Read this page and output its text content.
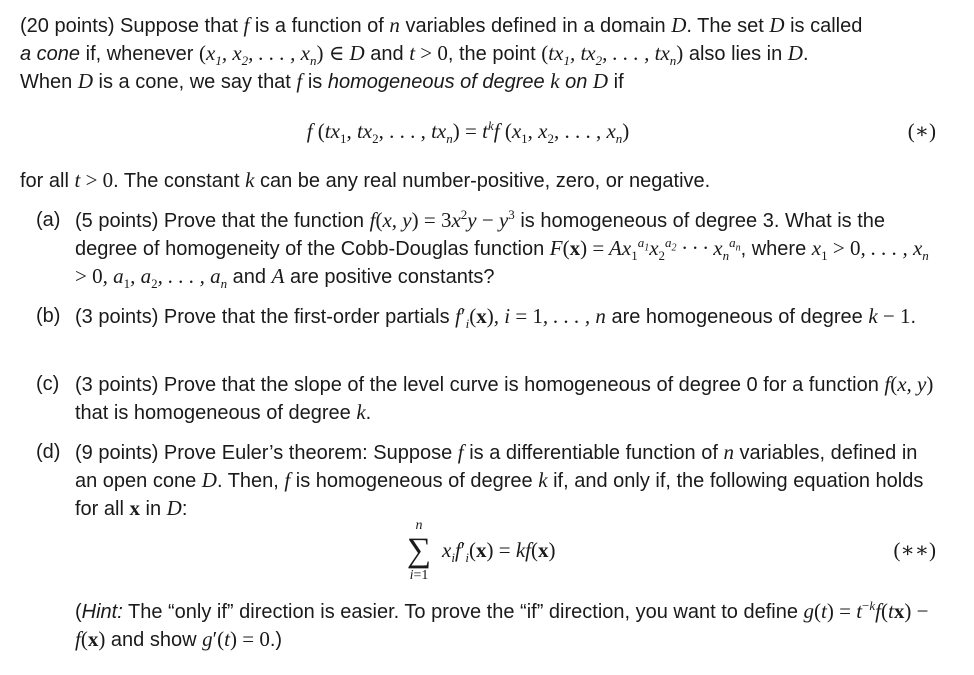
(20 points) Suppose that f is a function of n variables defined in a domain D. The set D is called
a cone if, whenever ($x_1$, $x_2$, . . . , $x_n$) ∈ D and t > 0, the point ($tx_1$, $tx_2$, . . . , $tx_n$) also lies in D.
When D is a cone, we say that f is homogeneous of degree k on D if
f ($tx_1$, $tx_2$, . . . , $tx_n) = t^kf$ ($x_1$, $x_2$, . . . , $x_n$)	(∗)
for all t > 0. The constant k can be any real number-positive, zero, or negative.
(a) (5 points) Prove that the function f(x, $y) = 3x^2y - y^3$ is homogeneous of degree 3. What is the degree of homogeneity of the Cobb-Douglas function $F(x) = Ax_1^{a_1}x_2^{a_2}$ · · · $x_n^{a_n}$, where $x_1 > 0$, . . . , $x_n > 0$, $a_1$, $a_2$, . . . , $a_n$ and A are positive constants?
(b) (3 points) Prove that the first-order partials $f'_i(x)$, i = 1, . . . , n are homogeneous of degree k − 1.
(c) (3 points) Prove that the slope of the level curve is homogeneous of degree 0 for a function f(x, y) that is homogeneous of degree k.
(d) (9 points) Prove Euler’s theorem: Suppose f is a differentiable function of n variables, defined in an open cone D. Then, f is homogeneous of degree k if, and only if, the following equation holds for all x in D:
n
∑
i=1
$x_if'_i(x) = kf(x)$	(∗∗)
(Hint: The “only if” direction is easier. To prove the “if” direction, you want to define $g(t) = t^{-k}f(tx) - f(x)$ and show g′(t) = 0.)
